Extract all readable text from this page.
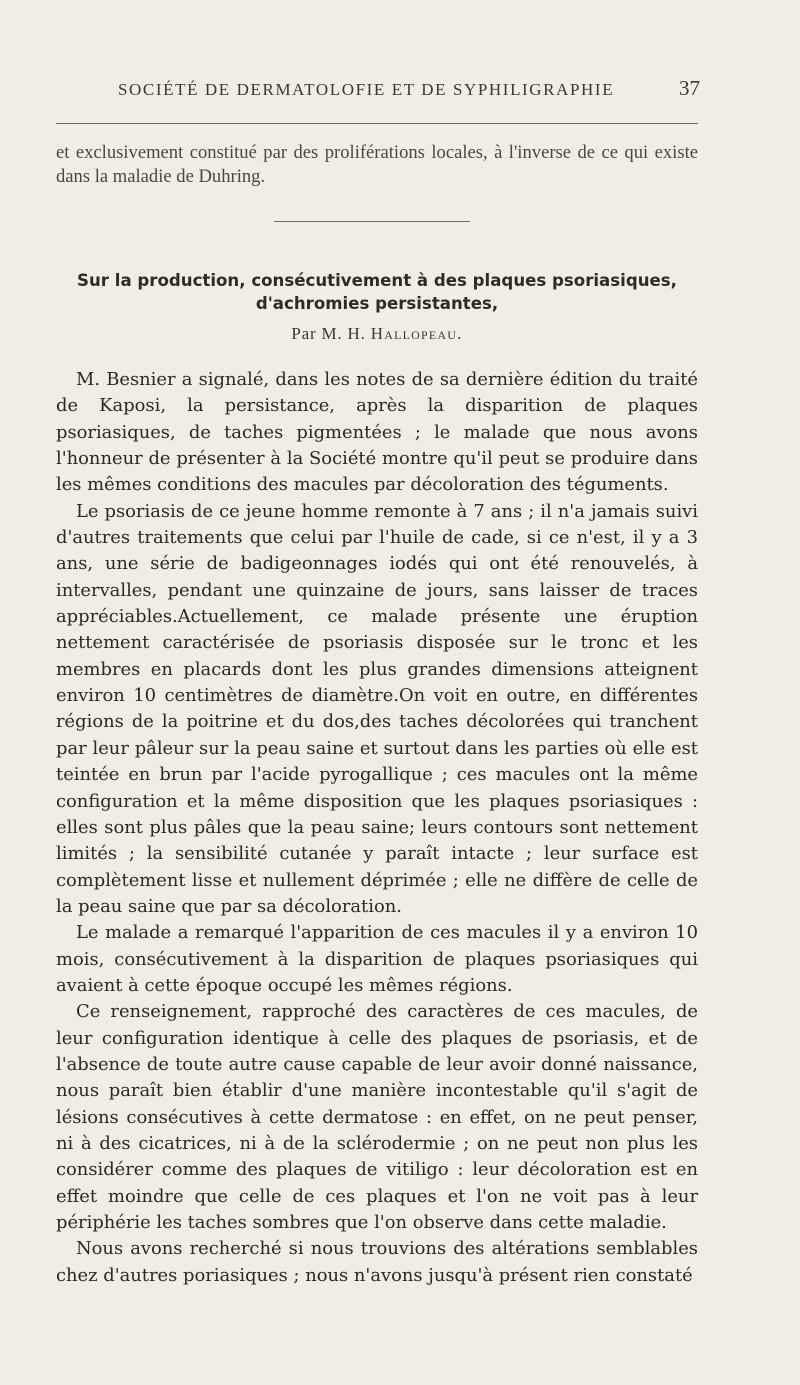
SOCIÉTÉ DE DERMATOLOFIE ET DE SYPHILIGRAPHIE	37

et exclusivement constitué par des proliférations locales, à l'inverse de ce qui existe dans la maladie de Duhring.

Sur la production, consécutivement à des plaques psoriasiques,
d'achromies persistantes,
Par M. H. Hallopeau.

M. Besnier a signalé, dans les notes de sa dernière édition du traité de Kaposi, la persistance, après la disparition de plaques psoriasiques, de taches pigmentées ; le malade que nous avons l'honneur de présenter à la Société montre qu'il peut se produire dans les mêmes conditions des macules par décoloration des téguments.

Le psoriasis de ce jeune homme remonte à 7 ans ; il n'a jamais suivi d'autres traitements que celui par l'huile de cade, si ce n'est, il y a 3 ans, une série de badigeonnages iodés qui ont été renouvelés, à intervalles, pendant une quinzaine de jours, sans laisser de traces appréciables.Actuellement, ce malade présente une éruption nettement caractérisée de psoriasis disposée sur le tronc et les membres en placards dont les plus grandes dimensions atteignent environ 10 centimètres de diamètre.On voit en outre, en différentes régions de la poitrine et du dos,des taches décolorées qui tranchent par leur pâleur sur la peau saine et surtout dans les parties où elle est teintée en brun par l'acide pyrogallique ; ces macules ont la même configuration et la même disposition que les plaques psoriasiques : elles sont plus pâles que la peau saine; leurs contours sont nettement limités ; la sensibilité cutanée y paraît intacte ; leur surface est complètement lisse et nullement déprimée ; elle ne diffère de celle de la peau saine que par sa décoloration.

Le malade a remarqué l'apparition de ces macules il y a environ 10 mois, consécutivement à la disparition de plaques psoriasiques qui avaient à cette époque occupé les mêmes régions.

Ce renseignement, rapproché des caractères de ces macules, de leur configuration identique à celle des plaques de psoriasis, et de l'absence de toute autre cause capable de leur avoir donné naissance, nous paraît bien établir d'une manière incontestable qu'il s'agit de lésions consécutives à cette dermatose : en effet, on ne peut penser, ni à des cicatrices, ni à de la sclérodermie ; on ne peut non plus les considérer comme des plaques de vitiligo : leur décoloration est en effet moindre que celle de ces plaques et l'on ne voit pas à leur périphérie les taches sombres que l'on observe dans cette maladie.

Nous avons recherché si nous trouvions des altérations semblables chez d'autres poriasiques ; nous n'avons jusqu'à présent rien constaté
